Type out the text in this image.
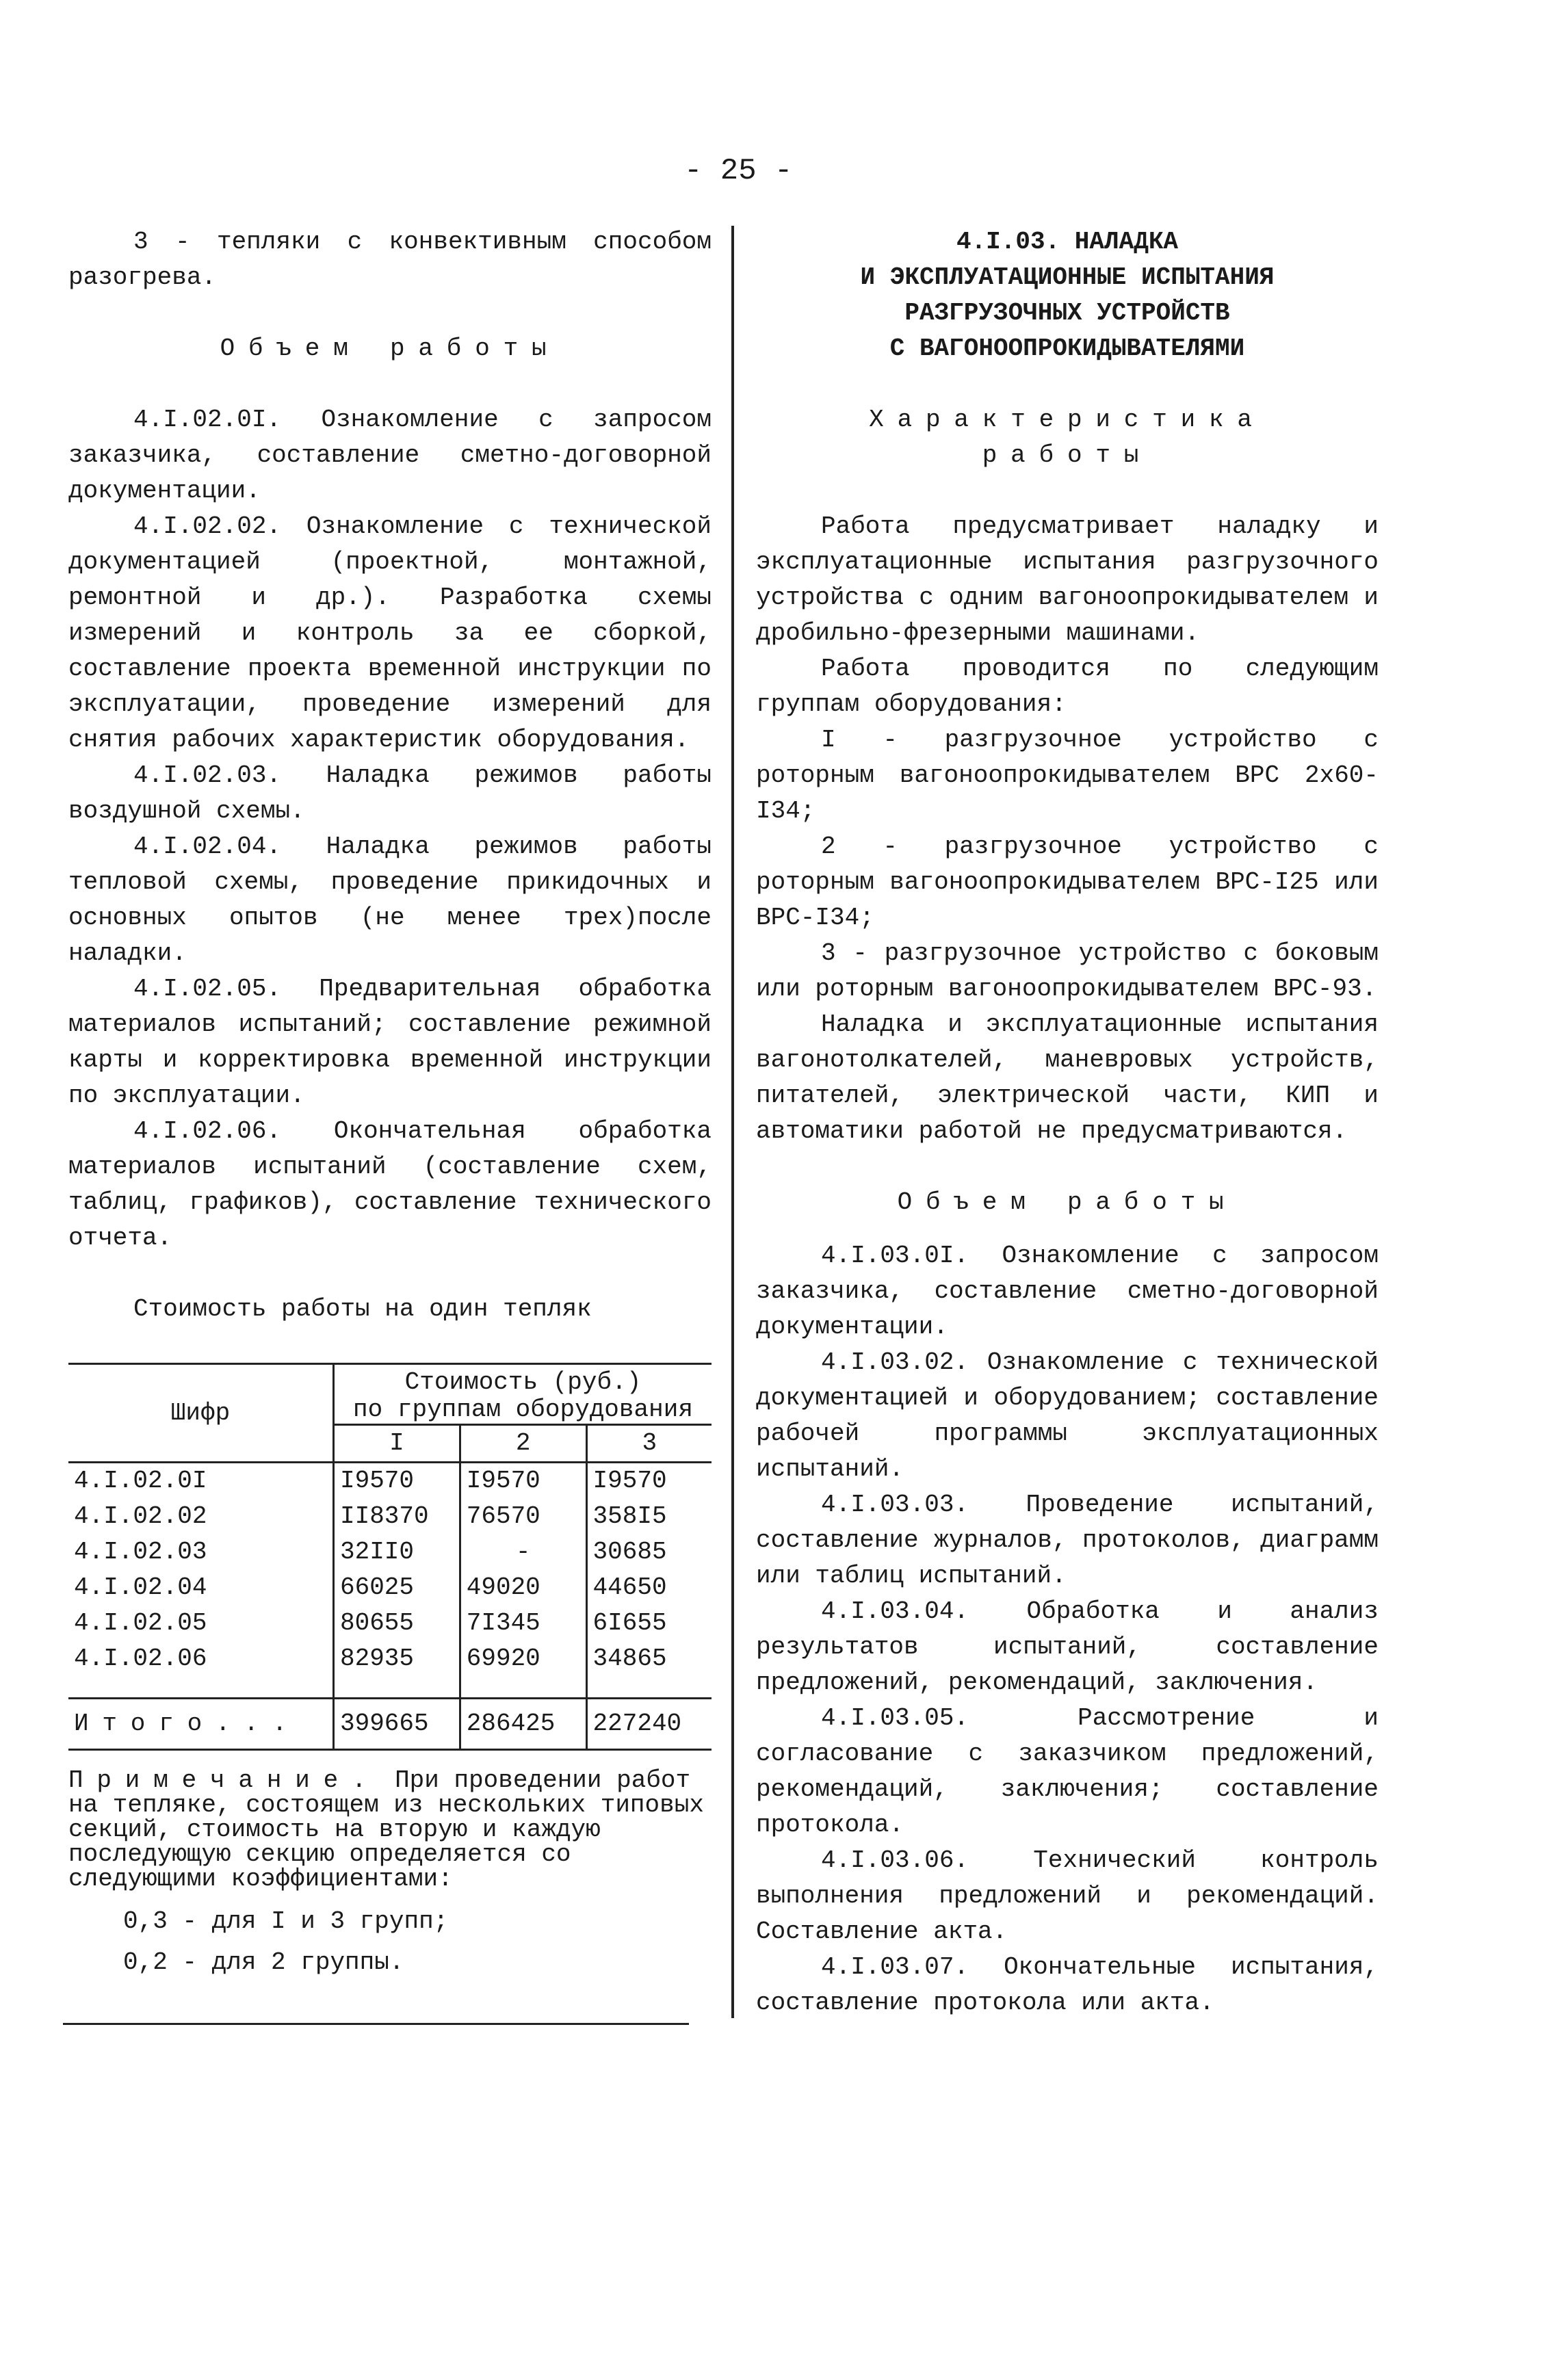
- 25 -

3 - тепляки с конвективным способом разогрева.

Объем работы

4.I.02.0I. Ознакомление с запросом заказчика, составление сметно-договорной документации.

4.I.02.02. Ознакомление с технической документацией (проектной, монтажной, ремонтной и др.). Разработка схемы измерений и контроль за ее сборкой, составление проекта временной инструкции по эксплуатации, проведение измерений для снятия рабочих характеристик оборудования.

4.I.02.03. Наладка режимов работы воздушной схемы.

4.I.02.04. Наладка режимов работы тепловой схемы, проведение прикидочных и основных опытов (не менее трех)после наладки.

4.I.02.05. Предварительная обработка материалов испытаний; составление режимной карты и корректировка временной инструкции по эксплуатации.

4.I.02.06. Окончательная обработка материалов испытаний (составление схем, таблиц, графиков), составление технического отчета.

Стоимость работы на один тепляк

Шифр	Стоимость (руб.)
по группам оборудования		

	I	2	3
4.I.02.0I	I9570	I9570	I9570
4.I.02.02	II8370	76570	358I5
4.I.02.03	32II0	-	30685
4.I.02.04	66025	49020	44650
4.I.02.05	80655	7I345	6I655
4.I.02.06	82935	69920	34865
Итого...	399665	286425	227240

Примечание. При проведении работ на тепляке, состоящем из нескольких типовых секций, стоимость на вторую и каждую последующую секцию определяется со следующими коэффициентами:

0,3 - для I и 3 групп;

0,2 - для 2 группы.

4.I.03. НАЛАДКА

И ЭКСПЛУАТАЦИОННЫЕ ИСПЫТАНИЯ

РАЗГРУЗОЧНЫХ УСТРОЙСТВ

С ВАГОНООПРОКИДЫВАТЕЛЯМИ

Характеристика

работы

Работа предусматривает наладку и эксплуатационные испытания разгрузочного устройства с одним вагоноопрокидывателем и дробильно-фрезерными машинами.

Работа проводится по следующим группам оборудования:

I - разгрузочное устройство с роторным вагоноопрокидывателем ВРС 2х60-I34;

2 - разгрузочное устройство с роторным вагоноопрокидывателем ВРС-I25 или ВРС-I34;

3 - разгрузочное устройство с боковым или роторным вагоноопрокидывателем ВРС-93.

Наладка и эксплуатационные испытания вагонотолкателей, маневровых устройств, питателей, электрической части, КИП и автоматики работой не предусматриваются.

Объем работы

4.I.03.0I. Ознакомление с запросом заказчика, составление сметно-договорной документации.

4.I.03.02. Ознакомление с технической документацией и оборудованием; составление рабочей программы эксплуатационных испытаний.

4.I.03.03. Проведение испытаний, составление журналов, протоколов, диаграмм или таблиц испытаний.

4.I.03.04. Обработка и анализ результатов испытаний, составление предложений, рекомендаций, заключения.

4.I.03.05. Рассмотрение и согласование с заказчиком предложений, рекомендаций, заключения; составление протокола.

4.I.03.06. Технический контроль выполнения предложений и рекомендаций. Составление акта.

4.I.03.07. Окончательные испытания, составление протокола или акта.
